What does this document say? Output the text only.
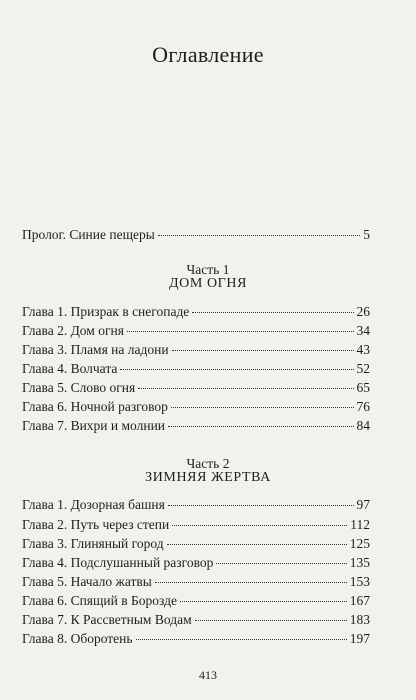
Оглавление
Пролог. Синие пещеры	5
Часть 1
ДОМ ОГНЯ
Глава 1. Призрак в снегопаде	26
Глава 2. Дом огня	34
Глава 3. Пламя на ладони	43
Глава 4. Волчата	52
Глава 5. Слово огня	65
Глава 6. Ночной разговор	76
Глава 7. Вихри и молнии	84
Часть 2
ЗИМНЯЯ ЖЕРТВА
Глава 1. Дозорная башня	97
Глава 2. Путь через степи	112
Глава 3. Глиняный город	125
Глава 4. Подслушанный разговор	135
Глава 5. Начало жатвы	153
Глава 6. Спящий в Борозде	167
Глава 7. К Рассветным Водам	183
Глава 8. Оборотень	197
413
